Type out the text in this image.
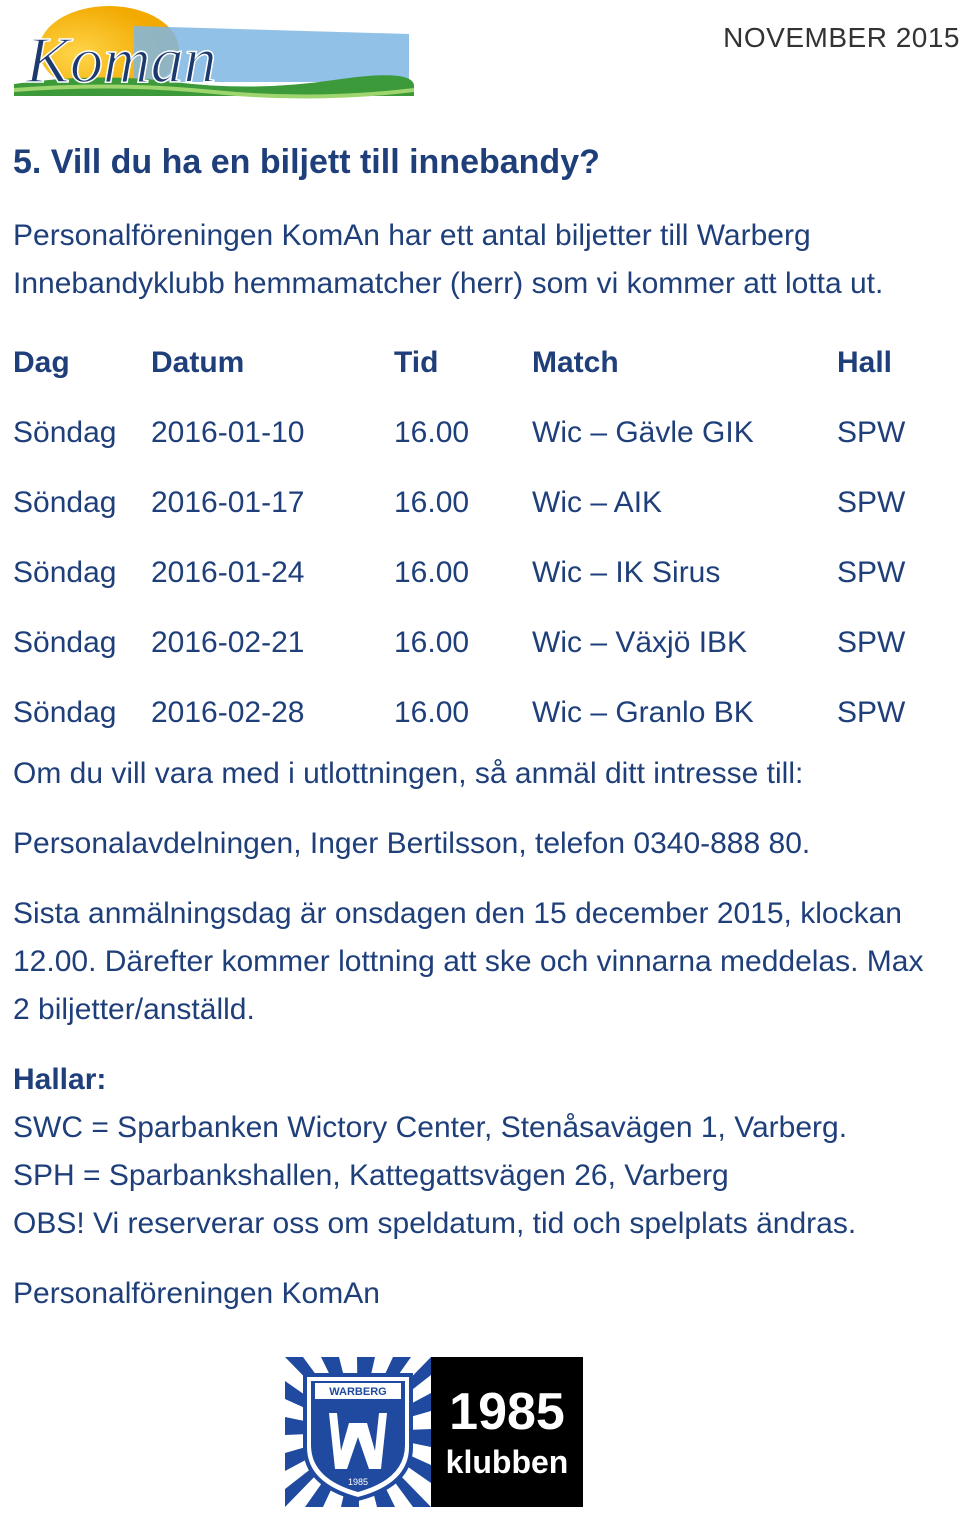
Koman	NOVEMBER 2015
5. Vill du ha en biljett till innebandy?

Personalföreningen KomAn har ett antal biljetter till Warberg Innebandyklubb hemmamatcher (herr) som vi kommer att lotta ut.

Dag	Datum	Tid	Match	Hall
Söndag	2016-01-10	16.00	Wic – Gävle GIK	SPW
Söndag	2016-01-17	16.00	Wic – AIK	SPW
Söndag	2016-01-24	16.00	Wic – IK Sirus	SPW
Söndag	2016-02-21	16.00	Wic – Växjö IBK	SPW
Söndag	2016-02-28	16.00	Wic – Granlo BK	SPW

Om du vill vara med i utlottningen, så anmäl ditt intresse till:

Personalavdelningen, Inger Bertilsson, telefon 0340-888 80.

Sista anmälningsdag är onsdagen den 15 december 2015, klockan 12.00. Därefter kommer lottning att ske och vinnarna meddelas. Max 2 biljetter/anställd.

Hallar:

SWC = Sparbanken Wictory Center, Stenåsavägen 1, Varberg.

SPH = Sparbankshallen, Kattegattsvägen 26, Varberg

OBS! Vi reserverar oss om speldatum, tid och spelplats ändras.

Personalföreningen KomAn

WARBERG
1985
1985
klubben
